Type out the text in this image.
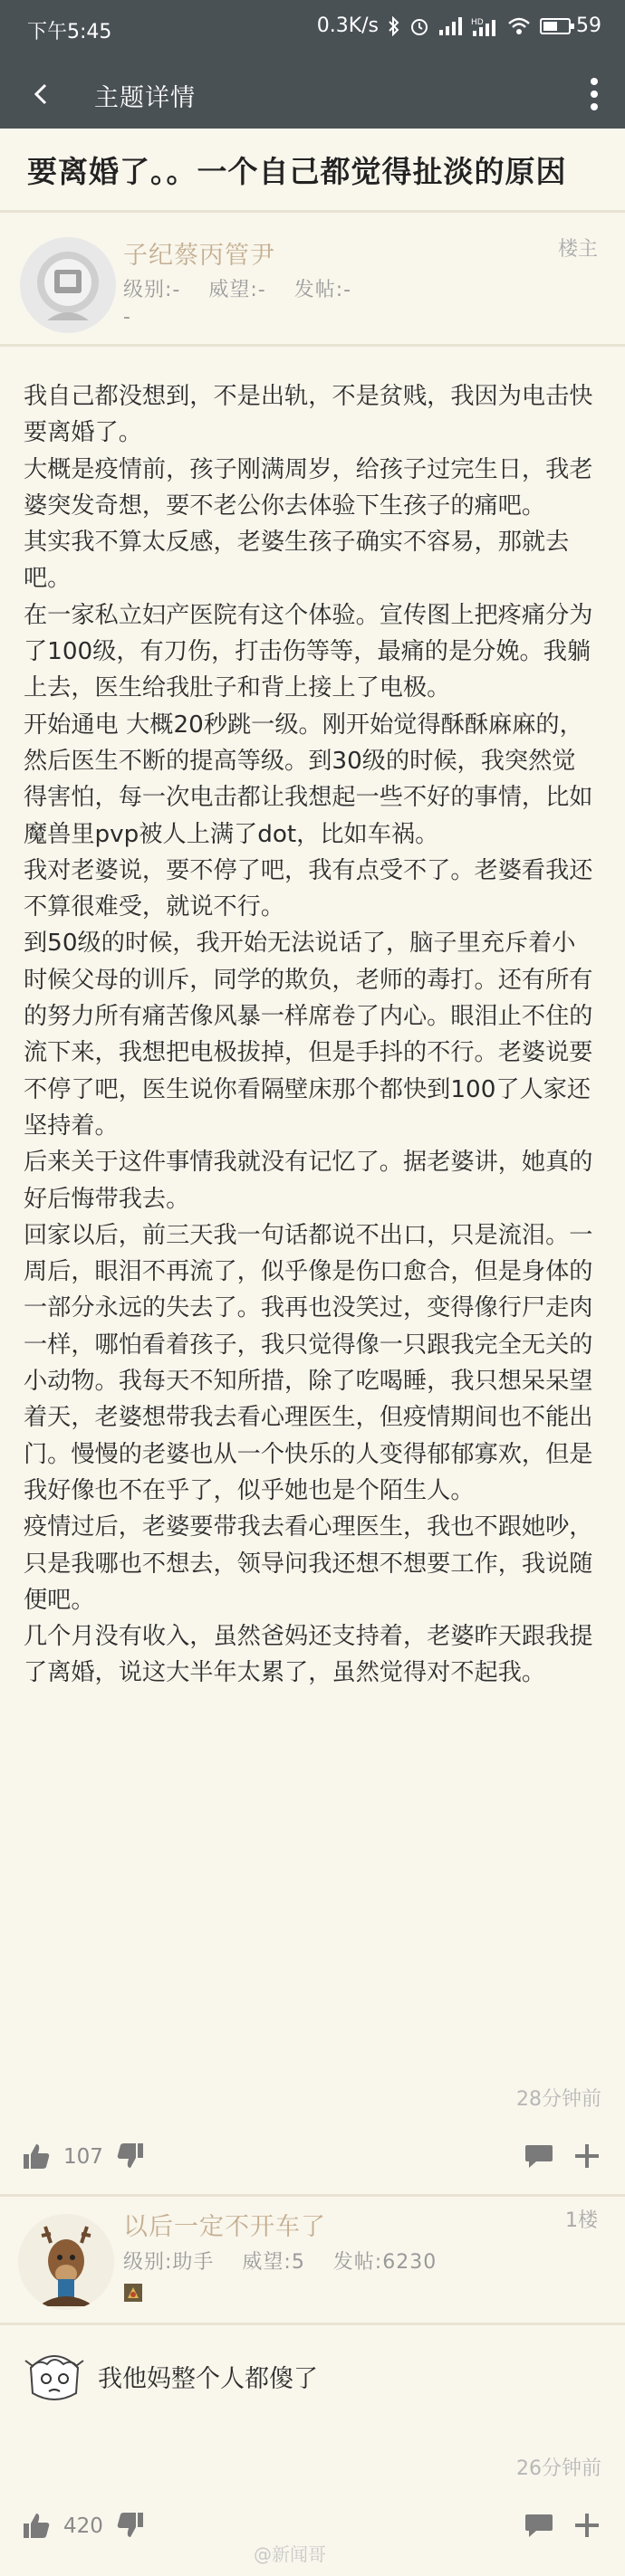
下午5:45	0.3K/s	HD	59
主题详情
要离婚了。。一个自己都觉得扯淡的原因
子纪蔡丙管尹
级别:-　 威望:-　 发帖:-
-
楼主

我自己都没想到，不是出轨，不是贫贱，我因为电击快要离婚了。

大概是疫情前，孩子刚满周岁，给孩子过完生日，我老婆突发奇想，要不老公你去体验下生孩子的痛吧。

其实我不算太反感，老婆生孩子确实不容易，那就去吧。

在一家私立妇产医院有这个体验。宣传图上把疼痛分为了100级，有刀伤，打击伤等等，最痛的是分娩。我躺上去，医生给我肚子和背上接上了电极。

开始通电 大概20秒跳一级。刚开始觉得酥酥麻麻的，然后医生不断的提高等级。到30级的时候，我突然觉得害怕，每一次电击都让我想起一些不好的事情，比如魔兽里pvp被人上满了dot，比如车祸。

我对老婆说，要不停了吧，我有点受不了。老婆看我还不算很难受，就说不行。

到50级的时候，我开始无法说话了，脑子里充斥着小时候父母的训斥，同学的欺负，老师的毒打。还有所有的努力所有痛苦像风暴一样席卷了内心。眼泪止不住的流下来，我想把电极拔掉，但是手抖的不行。老婆说要不停了吧，医生说你看隔壁床那个都快到100了人家还坚持着。

后来关于这件事情我就没有记忆了。据老婆讲，她真的好后悔带我去。

回家以后，前三天我一句话都说不出口，只是流泪。一周后，眼泪不再流了，似乎像是伤口愈合，但是身体的一部分永远的失去了。我再也没笑过，变得像行尸走肉一样，哪怕看着孩子，我只觉得像一只跟我完全无关的小动物。我每天不知所措，除了吃喝睡，我只想呆呆望着天，老婆想带我去看心理医生，但疫情期间也不能出门。慢慢的老婆也从一个快乐的人变得郁郁寡欢，但是我好像也不在乎了，似乎她也是个陌生人。

疫情过后，老婆要带我去看心理医生，我也不跟她吵，只是我哪也不想去，领导问我还想不想要工作，我说随便吧。

几个月没有收入，虽然爸妈还支持着，老婆昨天跟我提了离婚，说这大半年太累了，虽然觉得对不起我。

28分钟前
107
以后一定不开车了
级别:助手　 威望:5　 发帖:6230
1楼
我他妈整个人都傻了
26分钟前
420
@新闻哥
